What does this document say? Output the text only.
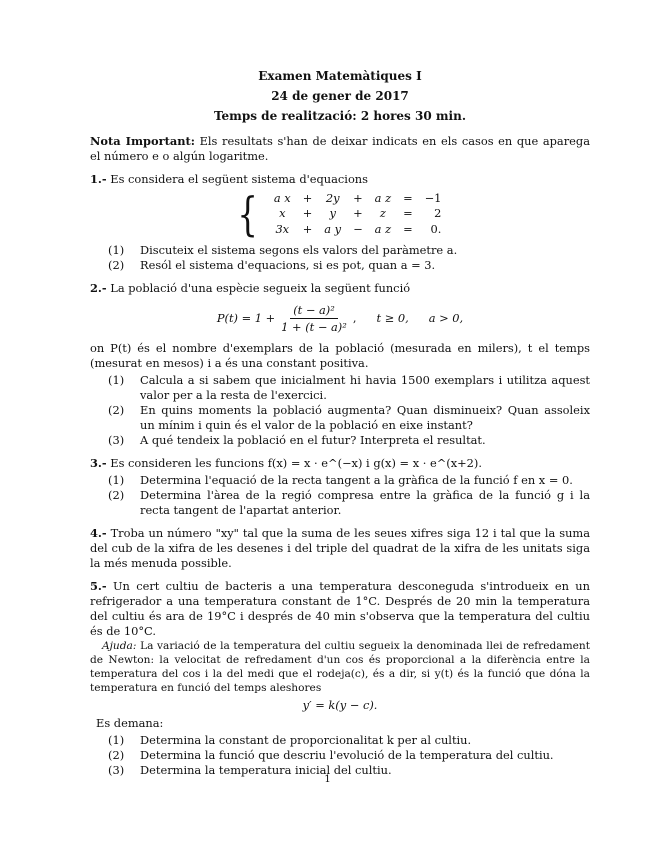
Examen Matemàtiques I
24 de gener de 2017
Temps de realització: 2 hores 30 min.

Nota Important: Els resultats s'han de deixar indicats en els casos en que aparega el número e o algún logaritme.

1.- Es considera el següent sistema d'equacions

{ a x	+	2y	+	a z	=	−1
x	+	y	+	z	=	2
3x	+	a y	−	a z	=	0.
(1)	Discuteix el sistema segons els valors del paràmetre a.
(2)	Resól el sistema d'equacions, si es pot, quan a = 3.

2.- La població d'una espècie segueix la següent funció

$P(t) = 1 + \frac{\text{(t − a)²}}{\text{1 + (t − a)²}}$ , t ≥ 0, a > 0,

on P(t) és el nombre d'exemplars de la població (mesurada en milers), t el temps (mesurat en mesos) i a és una constant positiva.

(1)	Calcula a si sabem que inicialment hi havia 1500 exemplars i utilitza aquest valor per a la resta de l'exercici.
(2)	En quins moments la població augmenta? Quan disminueix? Quan assoleix un mínim i quin és el valor de la població en eixe instant?
(3)	A qué tendeix la població en el futur? Interpreta el resultat.

3.- Es consideren les funcions f(x) = x · e^(−x) i g(x) = x · e^(x+2).

(1)	Determina l'equació de la recta tangent a la gràfica de la funció f en x = 0.
(2)	Determina l'àrea de la regió compresa entre la gràfica de la funció g i la recta tangent de l'apartat anterior.

4.- Troba un número "xy" tal que la suma de les seues xifres siga 12 i tal que la suma del cub de la xifra de les desenes i del triple del quadrat de la xifra de les unitats siga la més menuda possible.

5.- Un cert cultiu de bacteris a una temperatura desconeguda s'introdueix en un refrigerador a una temperatura constant de 1°C. Després de 20 min la temperatura del cultiu és ara de 19°C i després de 40 min s'observa que la temperatura del cultiu és de 10°C.

Ajuda: La variació de la temperatura del cultiu segueix la denominada llei de refredament de Newton: la velocitat de refredament d'un cos és proporcional a la diferència entre la temperatura del cos i la del medi que el rodeja(c), és a dir, si y(t) és la funció que dóna la temperatura en funció del temps aleshores

y′ = k(y − c).

Es demana:

(1)	Determina la constant de proporcionalitat k per al cultiu.
(2)	Determina la funció que descriu l'evolució de la temperatura del cultiu.
(3)	Determina la temperatura inicial del cultiu.
1
